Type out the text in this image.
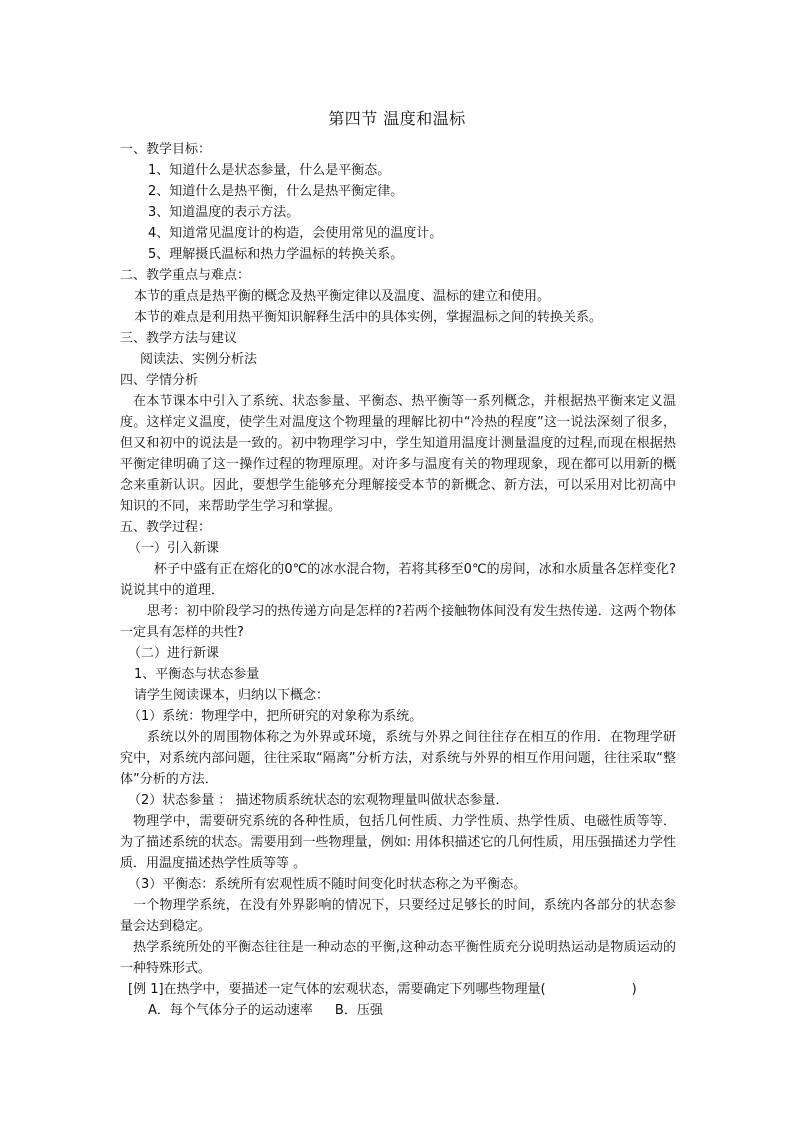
第四节 温度和温标
一、教学目标：
1、知道什么是状态参量，什么是平衡态。
2、知道什么是热平衡，什么是热平衡定律。
3、知道温度的表示方法。
4、知道常见温度计的构造，会使用常见的温度计。
5、理解摄氏温标和热力学温标的转换关系。
二、教学重点与难点：
本节的重点是热平衡的概念及热平衡定律以及温度、温标的建立和使用。
本节的难点是利用热平衡知识解释生活中的具体实例，掌握温标之间的转换关系。
三、教学方法与建议
阅读法、实例分析法
四、学情分析
在本节课本中引入了系统、状态参量、平衡态、热平衡等一系列概念，并根据热平衡来定义温度。这样定义温度，使学生对温度这个物理量的理解比初中“冷热的程度”这一说法深刻了很多，但又和初中的说法是一致的。初中物理学习中，学生知道用温度计测量温度的过程,而现在根据热平衡定律明确了这一操作过程的物理原理。对许多与温度有关的物理现象，现在都可以用新的概念来重新认识。因此，要想学生能够充分理解接受本节的新概念、新方法，可以采用对比初高中知识的不同，来帮助学生学习和掌握。
五、教学过程：
（一）引入新课
杯子中盛有正在熔化的0℃的冰水混合物，若将其移至0℃的房间，冰和水质量各怎样变化?说说其中的道理．
思考：初中阶段学习的热传递方向是怎样的?若两个接触物体间没有发生热传递．这两个物体一定具有怎样的共性?
（二）进行新课
1、平衡态与状态参量
请学生阅读课本，归纳以下概念：
（1）系统：物理学中，把所研究的对象称为系统。
系统以外的周围物体称之为外界或环境，系统与外界之间往往存在相互的作用．在物理学研究中，对系统内部问题，往往采取“隔离”分析方法，对系统与外界的相互作用问题，往往采取“整体”分析的方法．
（2）状态参量 ： 描述物质系统状态的宏观物理量叫做状态参量．
物理学中，需要研究系统的各种性质，包括几何性质、力学性质、热学性质、电磁性质等等．为了描述系统的状态。需要用到一些物理量，例如: 用体积描述它的几何性质，用压强描述力学性质．用温度描述热学性质等等 。
（3）平衡态：系统所有宏观性质不随时间变化时状态称之为平衡态。
一个物理学系统，在没有外界影响的情况下，只要经过足够长的时间，系统内各部分的状态参量会达到稳定。
热学系统所处的平衡态往往是一种动态的平衡,这种动态平衡性质充分说明热运动是物质运动的一种特殊形式。
[例 1]在热学中，要描述一定气体的宏观状态，需要确定下列哪些物理量(	)
A．每个气体分子的运动速率 B．压强
